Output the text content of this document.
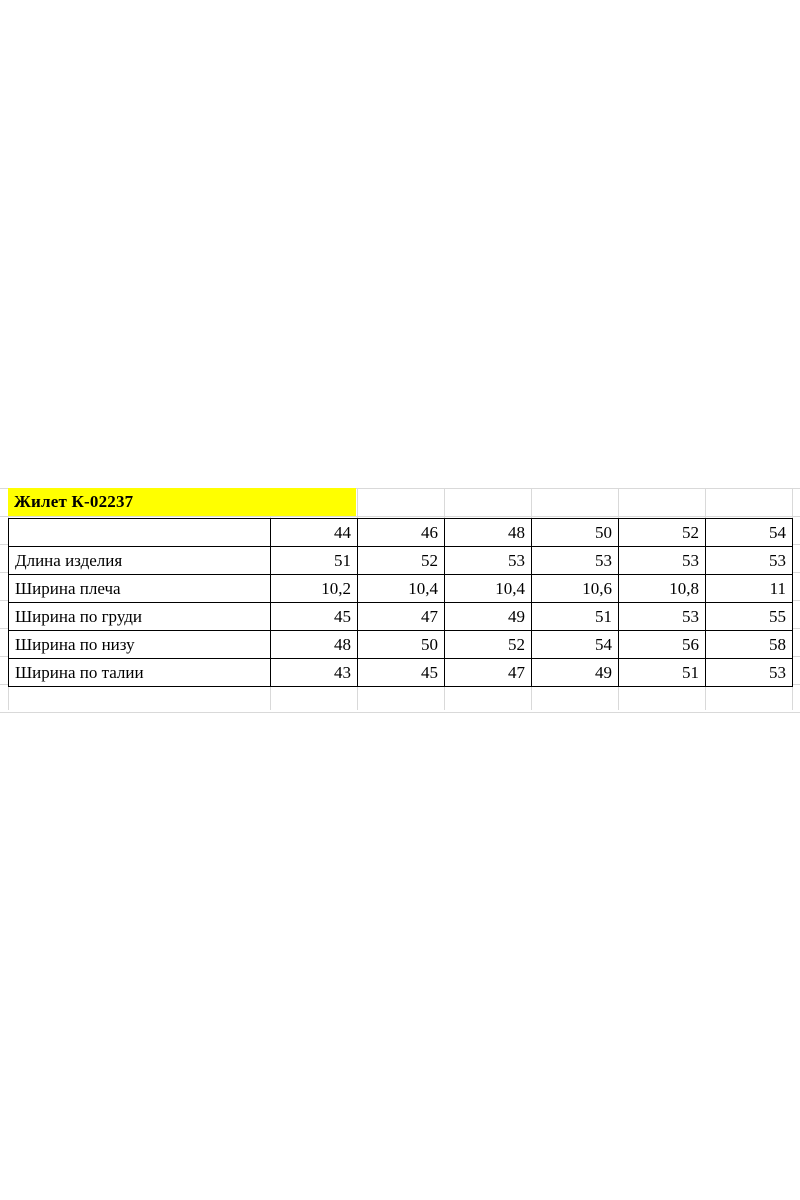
Жилет К-02237
	44	46	48	50	52	54
Длина изделия	51	52	53	53	53	53
Ширина плеча	10,2	10,4	10,4	10,6	10,8	11
Ширина по груди	45	47	49	51	53	55
Ширина по низу	48	50	52	54	56	58
Ширина по талии	43	45	47	49	51	53
